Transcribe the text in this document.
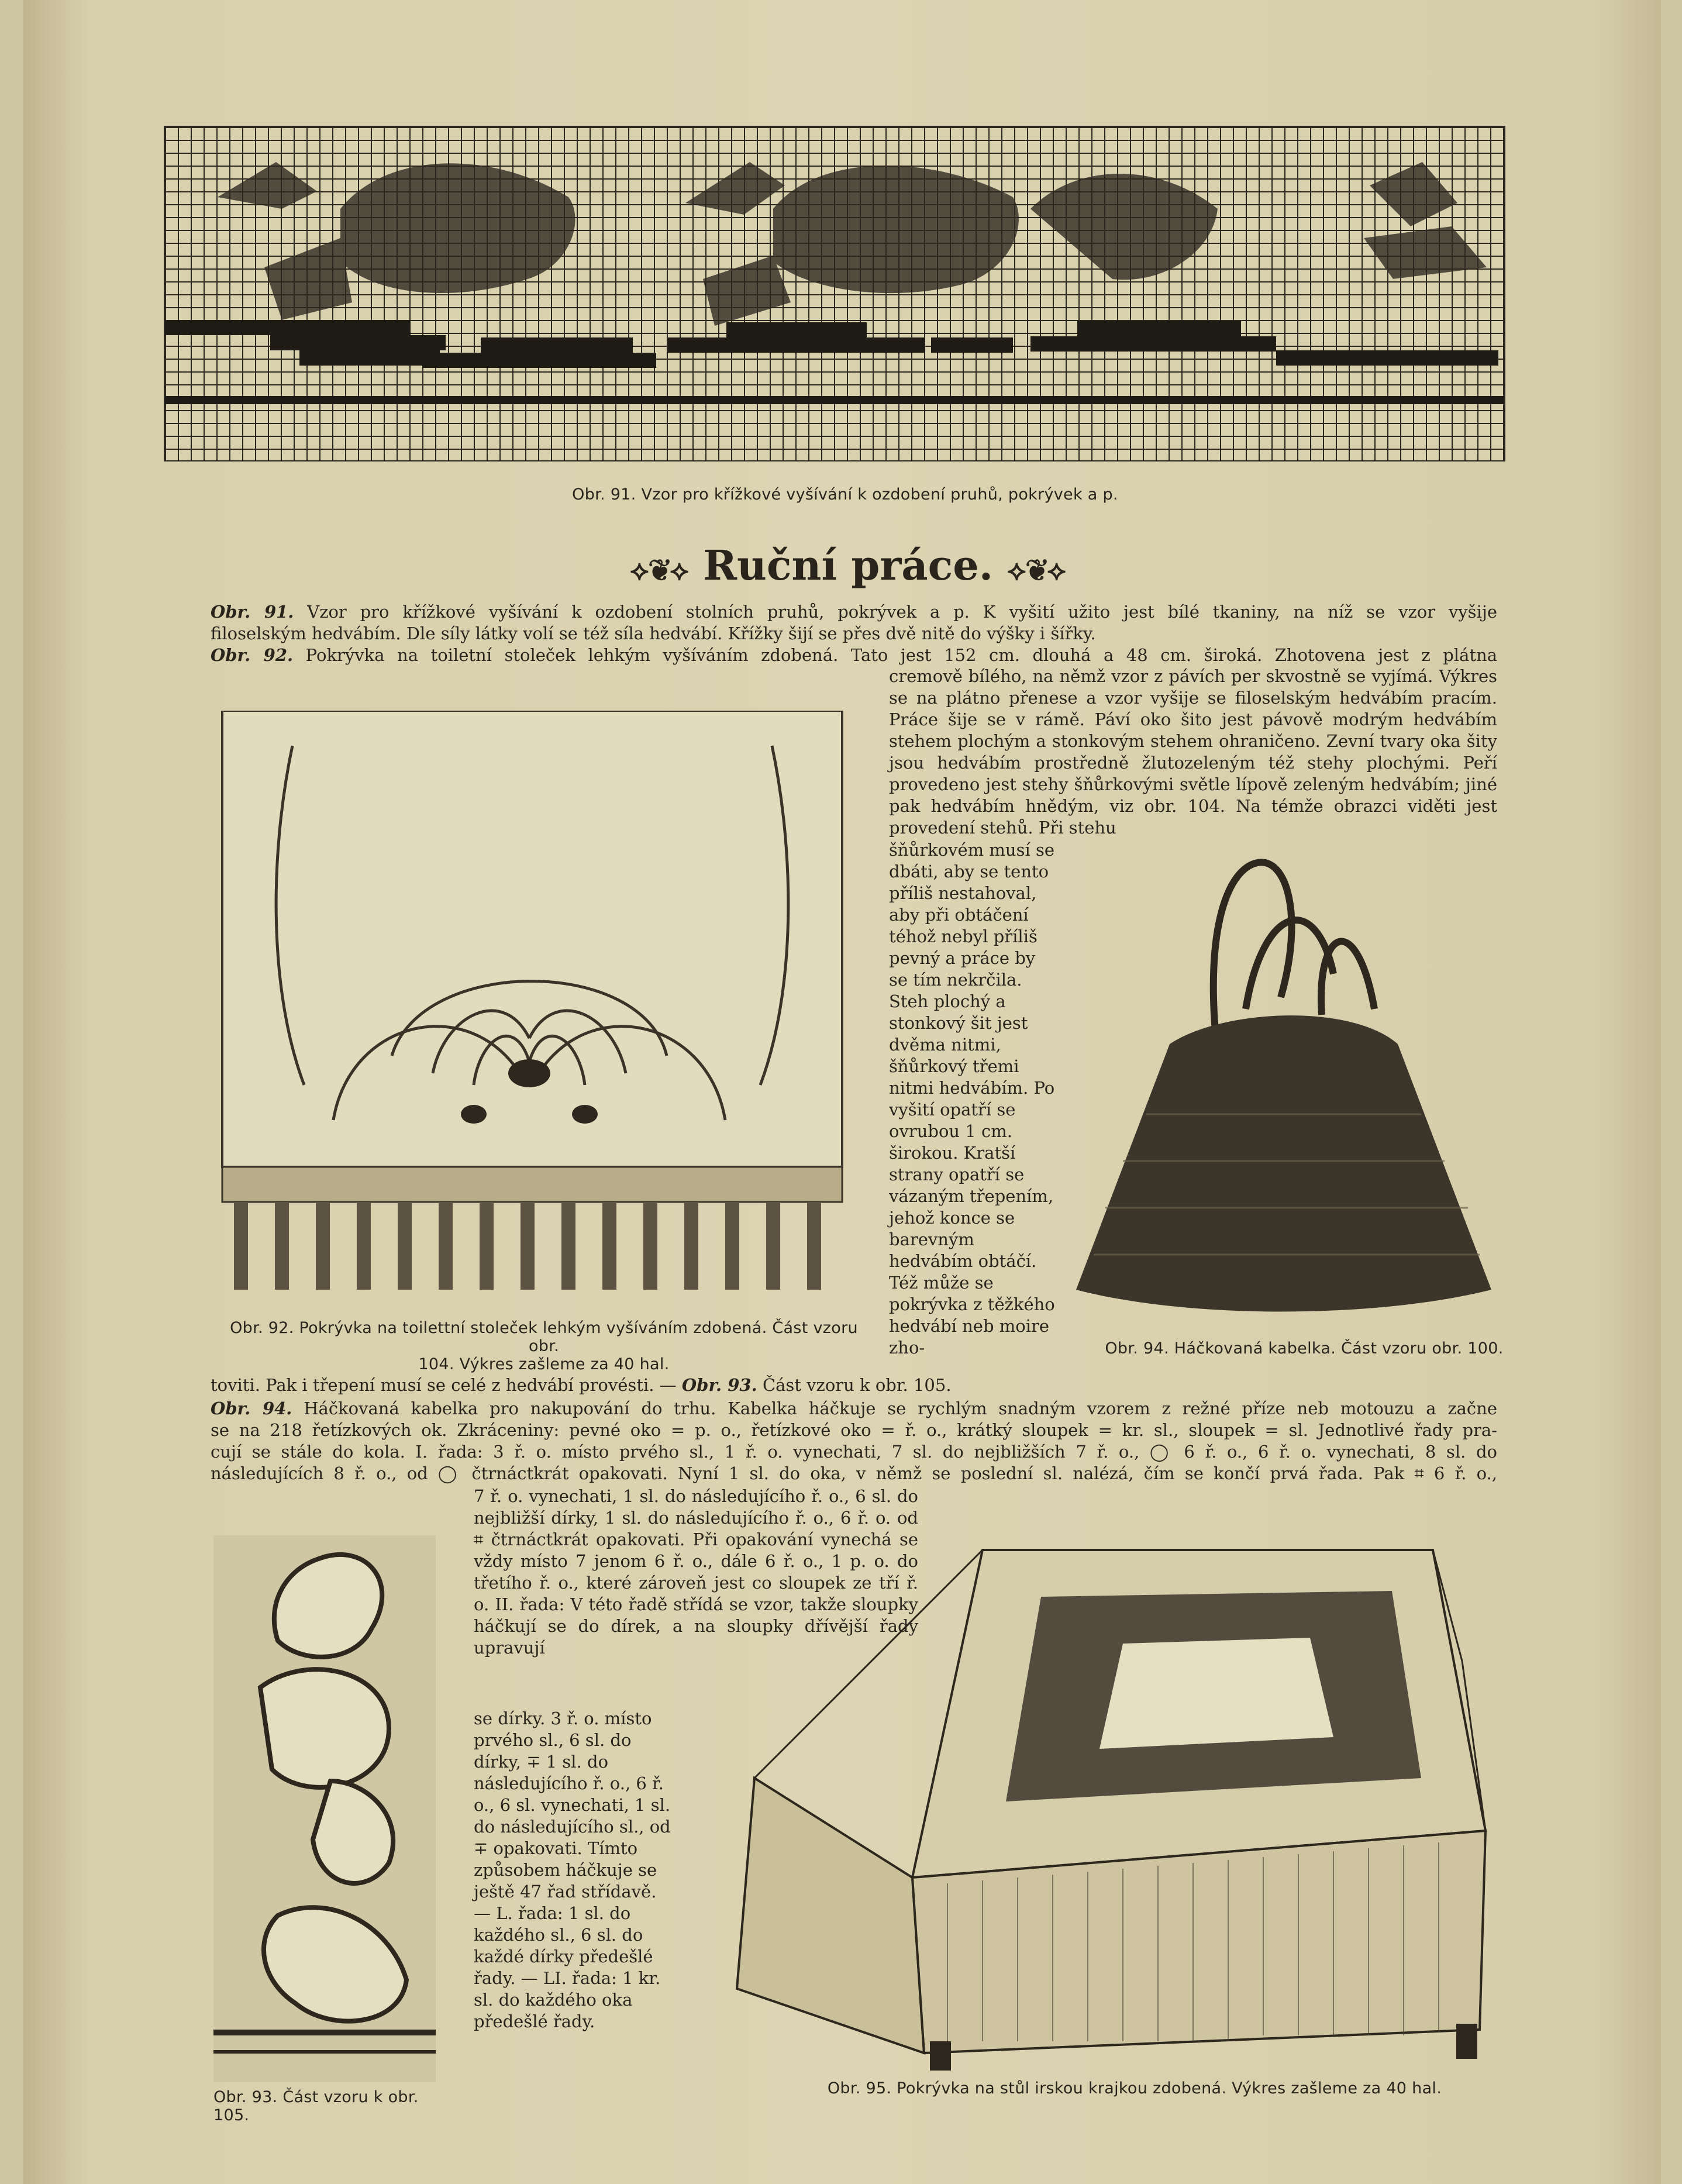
Obr. 91. Vzor pro křížkové vyšívání k ozdobení pruhů, pokrývek a p.
⟡❦⟡ Ruční práce. ⟡❦⟡
Obr. 91. Vzor pro křížkové vyšívání k ozdobení stolních pruhů, pokrývek a p. K vyšití užito jest bílé tkaniny, na níž se vzor vyšije
filoselským hedvábím. Dle síly látky volí se též síla hedvábí. Křížky šijí se přes dvě nitě do výšky i šířky.
Obr. 92. Pokrývka na toiletní stoleček lehkým vyšíváním zdobená. Tato jest 152 cm. dlouhá a 48 cm. široká. Zhotovena jest z plátna
Obr. 92. Pokrývka na toilettní stoleček lehkým vyšíváním zdobená. Část vzoru obr.
104. Výkres zašleme za 40 hal.
cremově bílého, na němž vzor z pávích per skvostně se vyjímá. Výkres se na plátno přenese a vzor vyšije se filoselským hedvábím pracím. Práce šije se v rámě. Páví oko šito jest pávově modrým hedvábím stehem plochým a stonkovým stehem ohraničeno. Zevní tvary oka šity jsou hedvábím prostředně žlutozeleným též stehy plochými. Peří provedeno jest stehy šňůrkovými světle lípově zeleným hedvábím; jiné pak hedvábím hnědým, viz obr. 104. Na témže obrazci viděti jest provedení stehů. Při stehu
šňůrkovém musí se dbáti, aby se tento příliš nestahoval, aby při obtáčení téhož nebyl příliš pevný a práce by se tím nekrčila. Steh plochý a stonkový šit jest dvěma nitmi, šňůrkový třemi nitmi hedvábím. Po vyšití opatří se ovrubou 1 cm. širokou. Kratší strany opatří se vázaným třepením, jehož konce se barevným hedvábím obtáčí. Též může se pokrývka z těžkého hedvábí neb moire zho-	Obr. 94. Háčkovaná kabelka. Část vzoru obr. 100.
toviti. Pak i třepení musí se celé z hedvábí provésti. — Obr. 93. Část vzoru k obr. 105.
Obr. 94. Háčkovaná kabelka pro nakupování do trhu. Kabelka háčkuje se rychlým snadným vzorem z režné příze neb motouzu a začne
se na 218 řetízkových ok. Zkráceniny: pevné oko = p. o., řetízkové oko = ř. o., krátký sloupek = kr. sl., sloupek = sl. Jednotlivé řady pra-
cují se stále do kola. I. řada: 3 ř. o. místo prvého sl., 1 ř. o. vynechati, 7 sl. do nejbližších 7 ř. o., ◯ 6 ř. o., 6 ř. o. vynechati, 8 sl. do
následujících 8 ř. o., od ◯ čtrnáctkrát opakovati. Nyní 1 sl. do oka, v němž se poslední sl. nalézá, čím se končí prvá řada. Pak ⌗ 6 ř. o.,
7 ř. o. vynechati, 1 sl. do následujícího ř. o., 6 sl. do nejbližší dírky, 1 sl. do následujícího ř. o., 6 ř. o. od ⌗ čtrnáctkrát opakovati. Při opakování vynechá se vždy místo 7 jenom 6 ř. o., dále 6 ř. o., 1 p. o. do třetího ř. o., které zároveň jest co sloupek ze tří ř. o. II. řada: V této řadě střídá se vzor, takže sloupky háčkují se do dírek, a na sloupky dřívější řady upravují
se dírky. 3 ř. o. místo prvého sl., 6 sl. do dírky, ∓ 1 sl. do následujícího ř. o., 6 ř. o., 6 sl. vynechati, 1 sl. do následujícího sl., od ∓ opakovati. Tímto způsobem háčkuje se ještě 47 řad střídavě. — L. řada: 1 sl. do každého sl., 6 sl. do každé dírky předešlé řady. — LI. řada: 1 kr. sl. do každého oka předešlé řady.
Obr. 93. Část vzoru k obr. 105.
Obr. 95. Pokrývka na stůl irskou krajkou zdobená. Výkres zašleme za 40 hal.
